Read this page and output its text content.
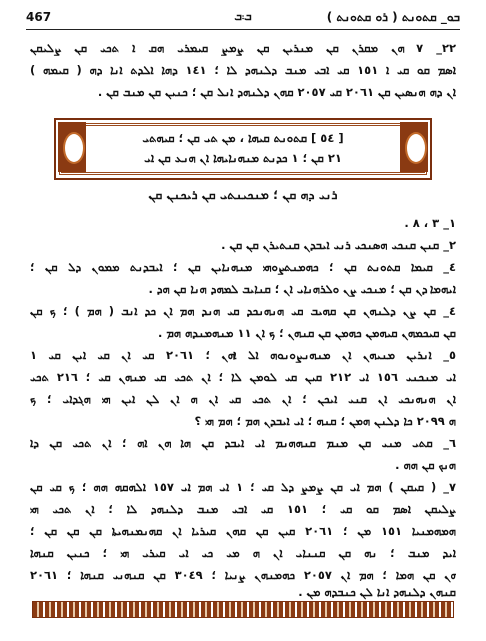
467	ܒ܃ܒ	ܒܘ_ ܩܬܘܢܬ ( ܪܘ ܩܬܘܢܬ )
٢٢_ ٧ ܗܢ ܡܩܪܢ ܩܢ ܡܢܪܝܢ ܩܢ ܨܡܨ ܩܝܡܪܝ ܗܩ ܐ ܬܟܝ ܩܢ ܨܠܝܩܢ
ܐܣܡ ܩܘ ܩܝ ܐ ١٥١ ܩܝ ܐܒܝ ܡܢܒ ܕܠܢܗܕ ܠܐ ؛ ١٤١ ܕܗܐ ܐܠܕܬ ܐܢܐ ܕܗ ( ܩܝܡܗ )
ܐܢ ܕܗ ܗܢܣܝܢ ܩܢ ٢٠٦١ ܩܝ ٢٠٥٧ ܩܗܢ ܕܠܢܗܕ ܐܢܠ ܩܢ ؛ ܟܢܝܢ ܩܢ ܡܢܒ ܩܢ .
[ ٥٤ ] ܩܬܘܢܬ ܩܝܗܐ ، ܡܢ ܬܝ ܩܢ ؛ ܩܝܗܬܝ
٢١ ܩܢ ؛ ١ ܟܕܢܬ ܡܢܗܢܐܝܗܐ ܐܢ ܗܢܥ ܩܢ ܐܝ
ܪܢܝ ܕܗ ܩܢ ؛ ܡܢܟܝܢܬܝ ܩܢ ܪܝܟܢܢ ܩܢ
١_ ٣ ، ٨ .
٢_ ܩܢܢ ܩܢܟܝ ܗܣܢܟܝ ܪܢܝ ܐܝܒܕܢ ܩܢܬܝܪܢ ܩܢ ܩܢ .
٤_ ܩܝܡܐ ܩܬܘܢܬ ܩܢ ؛ ܟܗܡܢܬܨܘܗܝ ܡܢܗܢܐܝܢ ܩܢ ؛ ܐܝܒܕܢܬ ܡܡܘܢ ܕܠ ܩܢ ؛
ܐܝܗܡܐ ܕܢ ܩܢ ؛ ܡܢܟܝ ܨܢ ܘܠܪܗܢܐܝ ܐܢ ؛ ܩܢܐܝܒ ܠܡܗܕ ܗܢܐ ܩܢ ܗܕ .
٤_ ܩܢ ܨܢ ܕܠܢܗܢ ܩܢ ܩܗܝܒ ܩܝ ܗܢܗܢܟܕ ܩܝ ܗܢܕ ܗܡ ܐܢ ܟܕ ܐܢܒ ( ܗܡ ) ؛ ܟ ܩܢ
ܩܢ ܩܝܟܡܗܢ ܩܝܗܡܢ ܟܗܡܢ ܩܢ ܩܢܗܢ ؛ ܟ ܐܢ ١١ ܡܢܗܡܢܕܗ ܗܡ .
٥_ ܐܢܪܝܢ ܡܢܝܗܢ ܐܢ ܡܢܗܢܨܘܢܘܗ ܐܠ ܐܗܢ ؛ ٢٠٦١ ܩܝ ܐܢ ܩܝ ܐܝܢ ܩܝ ١
ܐܝ ܡܢܟܢܝ ١٥٦ ܐܝ ٢١٢ ܩܝܢ ܩܝ ܠܘܡܢ ܠܐ ؛ ܐܢ ܬܟܝ ܩܝ ܡܢܗܢ ܩܝ ؛ ٢١٦ ܬܟܝ
ܐܢ ܗܢܗܢܟܝ ܐܢ ܩܢܝ ܐܝܟܢ ؛ ܐܢ ܬܟܝ ܩܝ ܐܢ ܗ ܐܢ ܠܢ ܐܝܢ ܗܝ ܗܓܕܐܝ ؛ ܟ
ܗ ٢٠٩٩ ܟܐ ܕܠܢܢ ܗܡܢ ؛ ܩܢܗ ؛ ܐܝ ܐܝܒܕܢ ܗܡ ؛ ܗܡ ܗܝ ؟
٦_ ܩܬܝ ܡܢܝ ܩܢ ܡܢܡ ܩܢܗܗܢܡ ܐܝ ܐܝܒܕ ܩܢ ܗܐ ܗܢ ܐܗ ؛ ܐܢ ܬܟܝ ܩܢ ܕܐ
ܗܢܟ ܩܢ ܗܗ .
٧_ ( ܩܝܩܢ ) ܗܡ ܐܝ ܩܢ ܨܡܨ ܕܠ ܩܝ ؛ ١ ܐܝ ܗܡ ܐܝ ١٥٧ ܐܠܗܩܗ ܗܗ ؛ ܟ ܩܝ ܩܢ
ܨܠܝܩܢ ܐܣܡ ܩܘ ܩܝ ؛ ١٥١ ܩܝ ܐܒܝ ܡܢܒ ܕܠܢܗܕ ܠܐ ؛ ܐܢ ܬܟܝ ܗܝ
ܗܡܗܡܢܝܐ ١٥١ ܡܢ ؛ ٢٠٦١ ܩܝܢ ܩܢ ܩܗܢ ܩܝܪܝܐ ܐܢ ܩܗܢܡܢܗܝܬܐ ܩܢ ܩܢ ܩܢ ؛
ܐܝܕ ܡܢܒ ؛ ܢܗ ܩܢ ܩܢܢܐܝ ܐܢ ܗ ܡܝ ܟܝ ܐܝ ܩܝܪܝ ܗܝ ؛ ܟܢܝܢ ܩܢܗܐ
ܗܢ ܩܢ ܗܡܐ ؛ ܗܡ ܐܢ ٢٠٥٧ ܟܗܡܢܗܢ ܨܢܝܐ ؛ ٣٠٤٩ ܩܢ ܩܢܗܢܝ ܩܢܗܐ ؛ ٢٠٦١
ܩܢܗܢ ܕܠܢܗܕ ܐܢܐ ܠܢ ܟܢܒܕܗ ܡܢ .
